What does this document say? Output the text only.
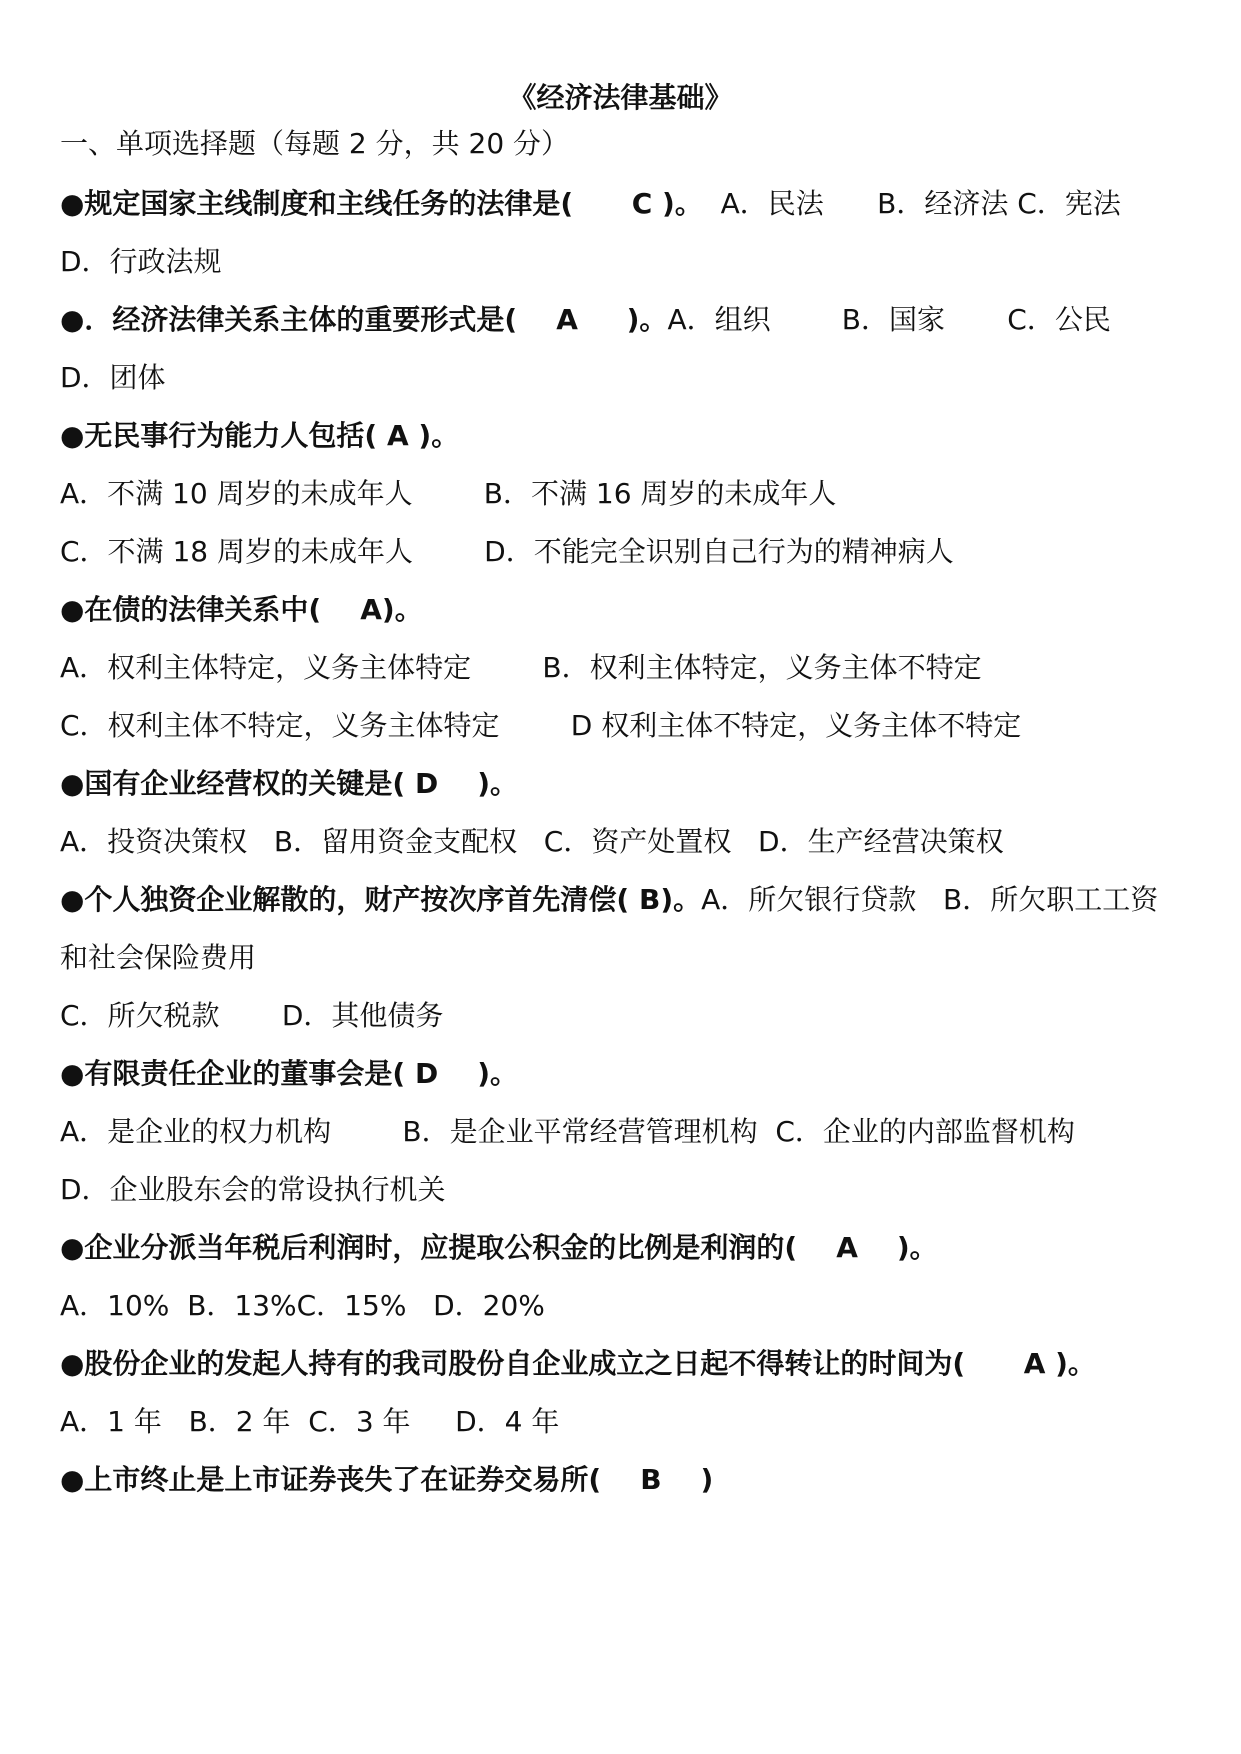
《经济法律基础》
一、单项选择题（每题 2 分，共 20 分）
●规定国家主线制度和主线任务的法律是(      C )。  A．民法      B．经济法 C．宪法
D．行政法规
●．经济法律关系主体的重要形式是(    A     )。A．组织        B．国家       C．公民
D．团体
●无民事行为能力人包括( A )。
A．不满 10 周岁的未成年人        B．不满 16 周岁的未成年人
C．不满 18 周岁的未成年人        D．不能完全识别自己行为的精神病人
●在债的法律关系中(    A)。
A．权利主体特定，义务主体特定        B．权利主体特定，义务主体不特定
C．权利主体不特定，义务主体特定        D 权利主体不特定，义务主体不特定
●国有企业经营权的关键是( D    )。
A．投资决策权   B．留用资金支配权   C．资产处置权   D．生产经营决策权
●个人独资企业解散的，财产按次序首先清偿( B)。A．所欠银行贷款   B．所欠职工工资
和社会保险费用
C．所欠税款       D．其他债务
●有限责任企业的董事会是( D    )。
A．是企业的权力机构        B．是企业平常经营管理机构  C．企业的内部监督机构
D．企业股东会的常设执行机关
●企业分派当年税后利润时，应提取公积金的比例是利润的(    A    )。
A．10%  B．13%C．15%   D．20%
●股份企业的发起人持有的我司股份自企业成立之日起不得转让的时间为(      A )。
A．1 年   B．2 年  C．3 年     D．4 年
●上市终止是上市证券丧失了在证券交易所(    B    )
